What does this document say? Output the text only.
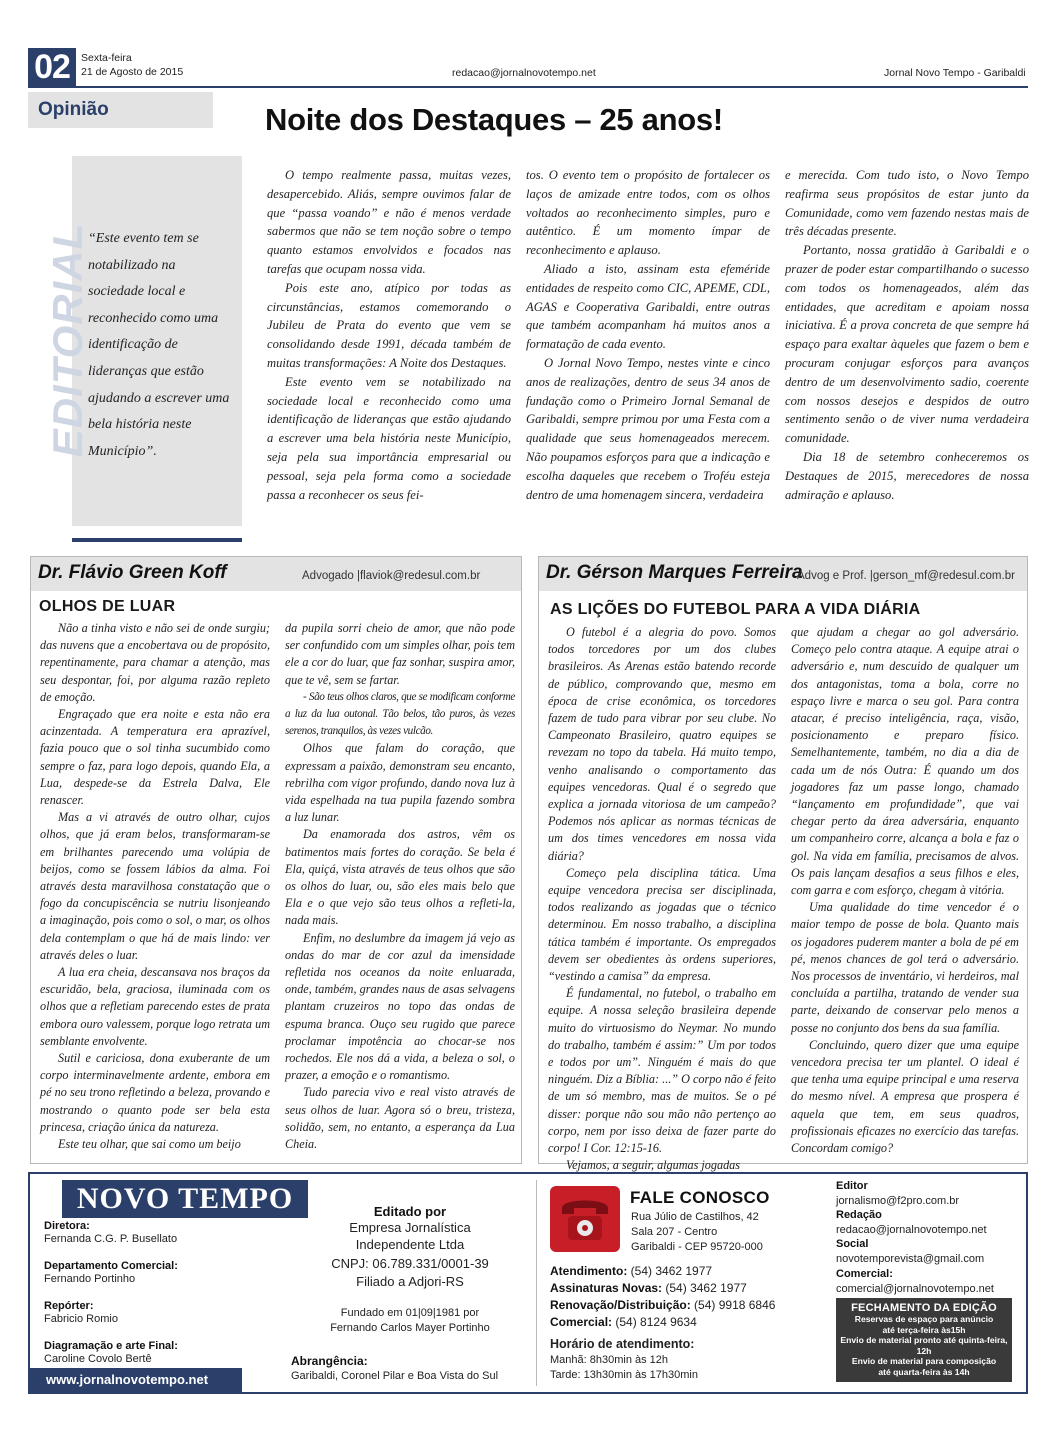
02	Sexta-feira
21 de Agosto de 2015	redacao@jornalnovotempo.net	Jornal Novo Tempo - Garibaldi
Opinião	Noite dos Destaques – 25 anos!
EDITORIAL
“Este evento tem se notabilizado na sociedade local e reconhecido como uma identificação de lideranças que estão ajudando a escrever uma bela história neste Município”.

O tempo realmente passa, muitas vezes, desapercebido. Aliás, sempre ouvimos falar de que “passa voando” e não é menos verdade sabermos que não se tem noção sobre o tempo quanto estamos envolvidos e focados nas tarefas que ocupam nossa vida.

Pois este ano, atípico por todas as circunstâncias, estamos comemorando o Jubileu de Prata do evento que vem se consolidando desde 1991, década também de muitas transformações: A Noite dos Destaques.

Este evento vem se notabilizado na sociedade local e reconhecido como uma identificação de lideranças que estão ajudando a escrever uma bela história neste Município, seja pela sua importância empresarial ou pessoal, seja pela forma como a sociedade passa a reconhecer os seus fei-

tos. O evento tem o propósito de fortalecer os laços de amizade entre todos, com os olhos voltados ao reconhecimento simples, puro e autêntico. É um momento ímpar de reconhecimento e aplauso.

Aliado a isto, assinam esta efeméride entidades de respeito como CIC, APEME, CDL, AGAS e Cooperativa Garibaldi, entre outras que também acompanham há muitos anos a formatação de cada evento.

O Jornal Novo Tempo, nestes vinte e cinco anos de realizações, dentro de seus 34 anos de fundação como o Primeiro Jornal Semanal de Garibaldi, sempre primou por uma Festa com a qualidade que seus homenageados merecem. Não poupamos esforços para que a indicação e escolha daqueles que recebem o Troféu esteja dentro de uma homenagem sincera, verdadeira

e merecida. Com tudo isto, o Novo Tempo reafirma seus propósitos de estar junto da Comunidade, como vem fazendo nestas mais de três décadas presente.

Portanto, nossa gratidão à Garibaldi e o prazer de poder estar compartilhando o sucesso com todos os homenageados, além das entidades, que acreditam e apoiam nossa iniciativa. É a prova concreta de que sempre há espaço para exaltar àqueles que fazem o bem e procuram conjugar esforços para avanços dentro de um desenvolvimento sadio, coerente com nossos desejos e despidos de outro sentimento senão o de viver numa verdadeira comunidade.

Dia 18 de setembro conheceremos os Destaques de 2015, merecedores de nossa admiração e aplauso.

Dr. Flávio Green Koff	Advogado |flaviok@redesul.com.br
OLHOS DE LUAR

Não a tinha visto e não sei de onde surgiu; das nuvens que a encobertava ou de propósito, repentinamente, para chamar a atenção, mas seu despontar, foi, por alguma razão repleto de emoção.

Engraçado que era noite e esta não era acinzentada. A temperatura era aprazível, fazia pouco que o sol tinha sucumbido como sempre o faz, para logo depois, quando Ela, a Lua, despede-se da Estrela Dalva, Ele renascer.

Mas a vi através de outro olhar, cujos olhos, que já eram belos, transformaram-se em brilhantes parecendo uma volúpia de beijos, como se fossem lábios da alma. Foi através desta maravilhosa constatação que o fogo da concupiscência se nutriu lisonjeando a imaginação, pois como o sol, o mar, os olhos dela contemplam o que há de mais lindo: ver através deles o luar.

A lua era cheia, descansava nos braços da escuridão, bela, graciosa, iluminada com os olhos que a refletiam parecendo estes de prata embora ouro valessem, porque logo retrata um semblante envolvente.

Sutil e cariciosa, dona exuberante de um corpo interminavelmente ardente, embora em pé no seu trono refletindo a beleza, provando e mostrando o quanto pode ser bela esta princesa, criação única da natureza.

Este teu olhar, que sai como um beijo

da pupila sorri cheio de amor, que não pode ser confundido com um simples olhar, pois tem ele a cor do luar, que faz sonhar, suspira amor, que te vê, sem se fartar.

- São teus olhos claros, que se modificam conforme a luz da lua outonal. Tão belos, tão puros, às vezes serenos, tranquilos, às vezes vulcão.

Olhos que falam do coração, que expressam a paixão, demonstram seu encanto, rebrilha com vigor profundo, dando nova luz à vida espelhada na tua pupila fazendo sombra a luz lunar.

Da enamorada dos astros, vêm os batimentos mais fortes do coração. Se bela é Ela, quiçá, vista através de teus olhos que são os olhos do luar, ou, são eles mais belo que Ela e o que vejo são teus olhos a refleti-la, nada mais.

Enfim, no deslumbre da imagem já vejo as ondas do mar de cor azul da imensidade refletida nos oceanos da noite enluarada, onde, também, grandes naus de asas selvagens plantam cruzeiros no topo das ondas de espuma branca. Ouço seu rugido que parece proclamar impotência ao chocar-se nos rochedos. Ele nos dá a vida, a beleza o sol, o prazer, a emoção e o romantismo.

Tudo parecia vivo e real visto através de seus olhos de luar. Agora só o breu, tristeza, solidão, sem, no entanto, a esperança da Lua Cheia.

Dr. Gérson Marques Ferreira
Advog e Prof. |gerson_mf@redesul.com.br
AS LIÇÕES DO FUTEBOL PARA A VIDA DIÁRIA

O futebol é a alegria do povo. Somos todos torcedores por um dos clubes brasileiros. As Arenas estão batendo recorde de público, comprovando que, mesmo em época de crise econômica, os torcedores fazem de tudo para vibrar por seu clube. No Campeonato Brasileiro, quatro equipes se revezam no topo da tabela. Há muito tempo, venho analisando o comportamento das equipes vencedoras. Qual é o segredo que explica a jornada vitoriosa de um campeão? Podemos nós aplicar as normas técnicas de um dos times vencedores em nossa vida diária?

Começo pela disciplina tática. Uma equipe vencedora precisa ser disciplinada, todos realizando as jogadas que o técnico determinou. Em nosso trabalho, a disciplina tática também é importante. Os empregados devem ser obedientes às ordens superiores, “vestindo a camisa” da empresa.

É fundamental, no futebol, o trabalho em equipe. A nossa seleção brasileira depende muito do virtuosismo do Neymar. No mundo do trabalho, também é assim:” Um por todos e todos por um”. Ninguém é mais do que ninguém. Diz a Bíblia: ...” O corpo não é feito de um só membro, mas de muitos. Se o pé disser: porque não sou mão não pertenço ao corpo, nem por isso deixa de fazer parte do corpo! I Cor. 12:15-16.

Vejamos, a seguir, algumas jogadas

que ajudam a chegar ao gol adversário. Começo pelo contra ataque. A equipe atrai o adversário e, num descuido de qualquer um dos antagonistas, toma a bola, corre no espaço livre e marca o seu gol. Para contra atacar, é preciso inteligência, raça, visão, posicionamento e preparo físico. Semelhantemente, também, no dia a dia de cada um de nós Outra: É quando um dos jogadores faz um passe longo, chamado “lançamento em profundidade”, que vai chegar perto da área adversária, enquanto um companheiro corre, alcança a bola e faz o gol. Na vida em família, precisamos de alvos. Os pais lançam desafios a seus filhos e eles, com garra e com esforço, chegam à vitória.

Uma qualidade do time vencedor é o maior tempo de posse de bola. Quanto mais os jogadores puderem manter a bola de pé em pé, menos chances de gol terá o adversário. Nos processos de inventário, vi herdeiros, mal concluída a partilha, tratando de vender sua parte, deixando de conservar pelo menos a posse no conjunto dos bens da sua família.

Concluindo, quero dizer que uma equipe vencedora precisa ter um plantel. O ideal é que tenha uma equipe principal e uma reserva do mesmo nível. A empresa que prospera é aquela que tem, em seus quadros, profissionais eficazes no exercício das tarefas. Concordam comigo?

NOVO TEMPO
Diretora:
Fernanda C.G. P. Busellato
Departamento Comercial:
Fernando Portinho
Repórter:
Fabricio Romio
Diagramação e arte Final:
Caroline Covolo Bertê
www.jornalnovotempo.net
Editado por
Empresa Jornalística
Independente Ltda
CNPJ: 06.789.331/0001-39
Filiado a Adjori-RS
Fundado em 01|09|1981 por
Fernando Carlos Mayer Portinho
Abrangência:
Garibaldi, Coronel Pilar e Boa Vista do Sul
FALE CONOSCO
Rua Júlio de Castilhos, 42
Sala 207 - Centro
Garibaldi - CEP 95720-000
Atendimento: (54) 3462 1977
Assinaturas Novas: (54) 3462 1977
Renovação/Distribuição: (54) 9918 6846
Comercial: (54) 8124 9634
Horário de atendimento:
Manhã: 8h30min às 12h
Tarde: 13h30min às 17h30min
Editor
jornalismo@f2pro.com.br
Redação
redacao@jornalnovotempo.net
Social
novotemporevista@gmail.com
Comercial:
comercial@jornalnovotempo.net
FECHAMENTO DA EDIÇÃO
Reservas de espaço para anúncio
até terça-feira às15h
Envio de material pronto até quinta-feira, 12h
Envio de material para composição
até quarta-feira às 14h
